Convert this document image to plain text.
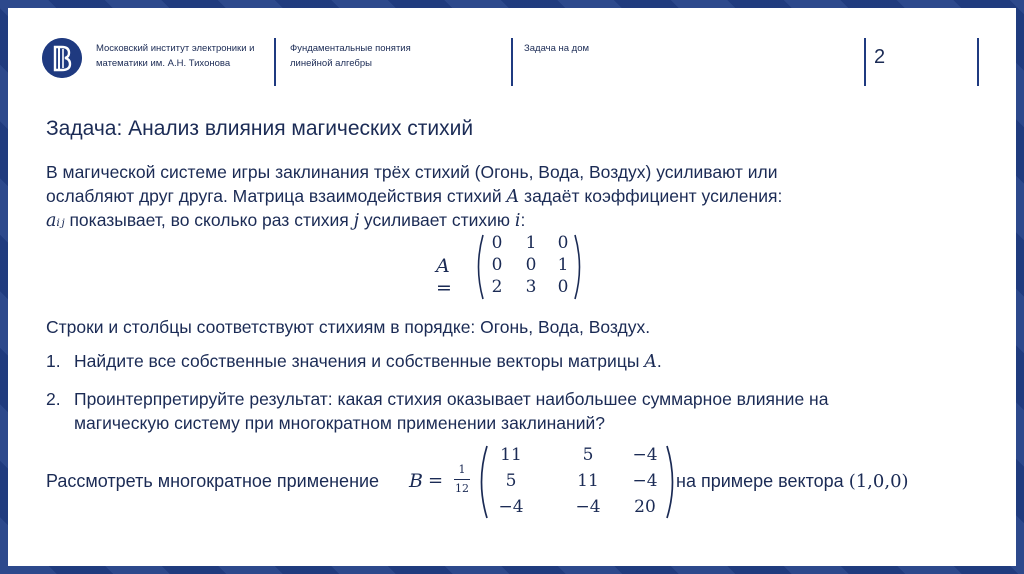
Московский институт электроники и
математики им. А.Н. Тихонова
Фундаментальные понятия
линейной алгебры
Задача на дом	2
Задача: Анализ влияния магических стихий
В магической системе игры заклинания трёх стихий (Огонь, Вода, Воздух) усиливают или
ослабляют друг друга. Матрица взаимодействия стихий A задаёт коэффициент усиления:
aᵢⱼ показывает, во сколько раз стихия j усиливает стихию i:
A =
0	1	0
0	0	1
2	3	0
Строки и столбцы соответствуют стихиям в порядке: Огонь, Вода, Воздух.
1. Найдите все собственные значения и собственные векторы матрицы A.
2. Проинтерпретируйте результат: какая стихия оказывает наибольшее суммарное влияние на
магическую систему при многократном применении заклинаний?
Рассмотреть многократное применение B =
1
12
11	5	−4
5	11	−4
−4	−4	20
на примере вектора (1,0,0)
